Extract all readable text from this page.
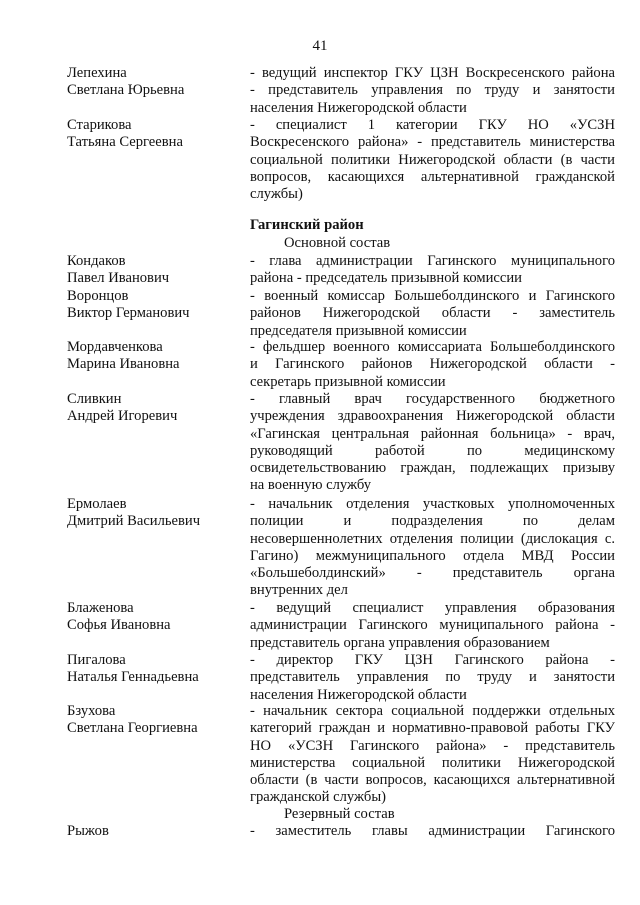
41
Лепехина
Светлана Юрьевна
- ведущий инспектор ГКУ ЦЗН Воскресенского района
- представитель управления по труду и занятости
населения Нижегородской области
Старикова
Татьяна Сергеевна
- специалист 1 категории ГКУ НО «УСЗН
Воскресенского района» - представитель министерства
социальной политики Нижегородской области (в части
вопросов, касающихся альтернативной гражданской
службы)
Гагинский район
Основной состав
Кондаков
Павел Иванович
- глава администрации Гагинского муниципального
района - председатель призывной комиссии
Воронцов
Виктор Германович
- военный комиссар Большеболдинского и Гагинского
районов Нижегородской области - заместитель
председателя призывной комиссии
Мордавченкова
Марина Ивановна
- фельдшер военного комиссариата Большеболдинского
и Гагинского районов Нижегородской области -
секретарь призывной комиссии
Сливкин
Андрей Игоревич
- главный врач государственного бюджетного
учреждения здравоохранения Нижегородской области
«Гагинская центральная районная больница» - врач,
руководящий работой по медицинскому
освидетельствованию граждан, подлежащих призыву
на военную службу
Ермолаев
Дмитрий Васильевич
- начальник отделения участковых уполномоченных
полиции и подразделения по делам
несовершеннолетних отделения полиции (дислокация с.
Гагино) межмуниципального отдела МВД России
«Большеболдинский» - представитель органа
внутренних дел
Блаженова
Софья Ивановна
- ведущий специалист управления образования
администрации Гагинского муниципального района -
представитель органа управления образованием
Пигалова
Наталья Геннадьевна
- директор ГКУ ЦЗН Гагинского района -
представитель управления по труду и занятости
населения Нижегородской области
Бзухова
Светлана Георгиевна
- начальник сектора социальной поддержки отдельных
категорий граждан и нормативно-правовой работы ГКУ
НО «УСЗН Гагинского района» - представитель
министерства социальной политики Нижегородской
области (в части вопросов, касающихся альтернативной
гражданской службы)
Резервный состав
Рыжов	- заместитель главы администрации Гагинского
